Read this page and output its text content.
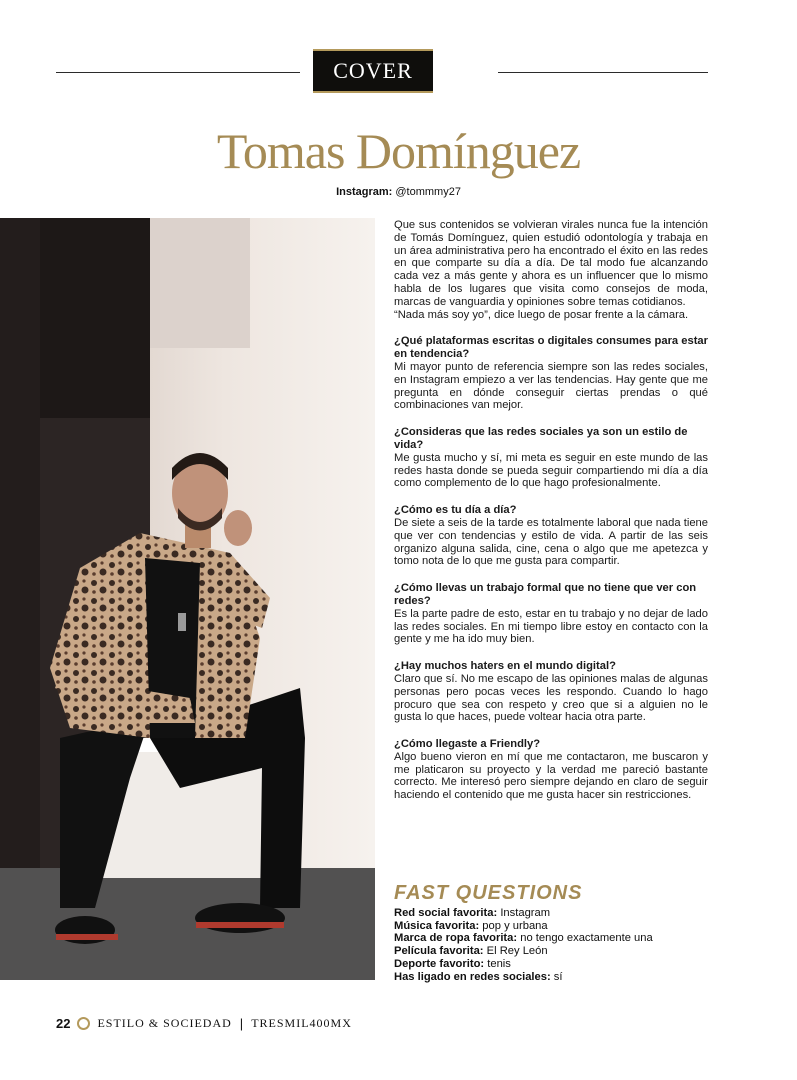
COVER
Tomas Domínguez
Instagram: @tommmy27

Que sus contenidos se volvieran virales nunca fue la intención de Tomás Domínguez, quien estudió odontología y trabaja en un área administrativa pero ha encontrado el éxito en las redes en que comparte su día a día. De tal modo fue alcanzando cada vez a más gente y ahora es un influencer que lo mismo habla de los lugares que visita como consejos de moda, marcas de vanguardia y opiniones sobre temas cotidianos.

“Nada más soy yo”, dice luego de posar frente a la cámara.

¿Qué plataformas escritas o digitales consumes para estar en tendencia?

Mi mayor punto de referencia siempre son las redes sociales, en Instagram empiezo a ver las tendencias. Hay gente que me pregunta en dónde conseguir ciertas prendas o qué combinaciones van mejor.

¿Consideras que las redes sociales ya son un estilo de vida?

Me gusta mucho y sí, mi meta es seguir en este mundo de las redes hasta donde se pueda seguir compartiendo mi día a día como complemento de lo que hago profesionalmente.

¿Cómo es tu día a día?

De siete a seis de la tarde es totalmente laboral que nada tiene que ver con tendencias y estilo de vida. A partir de las seis organizo alguna salida, cine, cena o algo que me apetezca y tomo nota de lo que me gusta para compartir.

¿Cómo llevas un trabajo formal que no tiene que ver con redes?

Es la parte padre de esto, estar en tu trabajo y no dejar de lado las redes sociales. En mi tiempo libre estoy en contacto con la gente y me ha ido muy bien.

¿Hay muchos haters en el mundo digital?

Claro que sí. No me escapo de las opiniones malas de algunas personas pero pocas veces les respondo. Cuando lo hago procuro que sea con respeto y creo que si a alguien no le gusta lo que haces, puede voltear hacia otra parte.

¿Cómo llegaste a Friendly?

Algo bueno vieron en mí que me contactaron, me buscaron y me platicaron su proyecto y la verdad me pareció bastante correcto. Me interesó pero siempre dejando en claro de seguir haciendo el contenido que me gusta hacer sin restricciones.

FAST QUESTIONS
Red social favorita: Instagram
Música favorita: pop y urbana
Marca de ropa favorita: no tengo exactamente una
Película favorita: El Rey León
Deporte favorito: tenis
Has ligado en redes sociales: sí
22 ESTILO & SOCIEDAD | TRESMIL400MX
